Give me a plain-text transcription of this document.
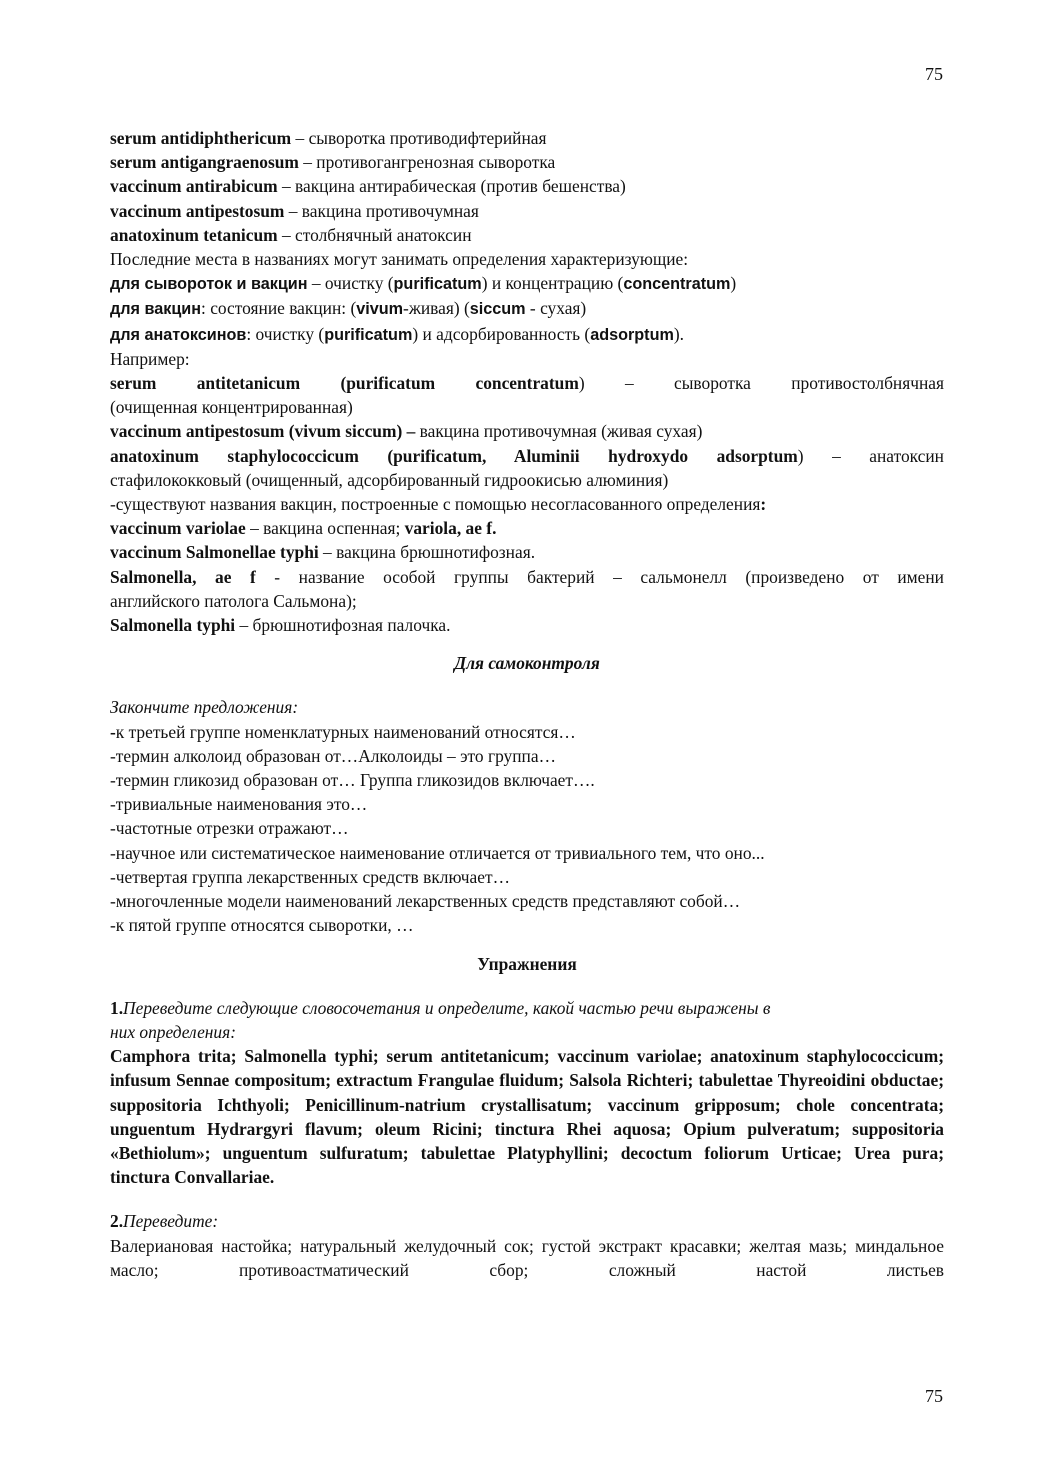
75
serum antidiphthericum – сыворотка противодифтерийная
serum antigangraenosum – противогангренозная сыворотка
vaccinum antirabicum – вакцина антирабическая (против бешенства)
vaccinum antipestosum – вакцина противочумная
anatoxinum tetanicum – столбнячный анатоксин
Последние места в названиях могут занимать определения характеризующие:
для сывороток и вакцин – очистку (purificatum) и концентрацию (concentratum)
для вакцин: состояние вакцин: (vivum-живая) (siccum - сухая)
для анатоксинов: очистку (purificatum) и адсорбированность (adsorptum).
Например:
serum antitetanicum (purificatum concentratum) – сыворотка противостолбнячная
(очищенная концентрированная)
vaccinum antipestosum (vivum siccum) – вакцина противочумная (живая сухая)
anatoxinum staphylococcicum (purificatum, Aluminii hydroxydo adsorptum) – анатоксин
стафилококковый (очищенный, адсорбированный гидроокисью алюминия)
-существуют названия вакцин, построенные с помощью несогласованного определения:
vaccinum variolae – вакцина оспенная; variola, ae f.
vaccinum Salmonellae typhi – вакцина брюшнотифозная.
Salmonella, ae f - название особой группы бактерий – сальмонелл (произведено от имени
английского патолога Сальмона);
Salmonella typhi – брюшнотифозная палочка.
Для самоконтроля
Закончите предложения:
-к третьей группе номенклатурных наименований относятся…
-термин алколоид образован от…Алколоиды – это группа…
-термин гликозид образован от… Группа гликозидов включает….
-тривиальные наименования это…
-частотные отрезки отражают…
-научное или систематическое наименование отличается от тривиального тем, что оно...
-четвертая группа лекарственных средств включает…
-многочленные модели наименований лекарственных средств представляют собой…
-к пятой группе относятся сыворотки, …
Упражнения
1.Переведите следующие словосочетания и определите, какой частью речи выражены в
них определения:
Camphora trita; Salmonella typhi; serum antitetanicum; vaccinum variolae; anatoxinum staphylococcicum; infusum Sennae compositum; extractum Frangulae fluidum; Salsola Richteri; tabulettae Thyreoidini obductae; suppositoria Ichthyoli; Penicillinum-natrium crystallisatum; vaccinum gripposum; chole concentrata; unguentum Hydrargyri flavum; oleum Ricini; tinctura Rhei aquosa; Opium pulveratum; suppositoria «Bethiolum»; unguentum sulfuratum; tabulettae Platyphyllini; decoctum foliorum Urticae; Urea pura;
tinctura Convallariae.
2.Переведите:
Валериановая настойка; натуральный желудочный сок; густой экстракт красавки; желтая мазь; миндальное масло; противоастматический сбор; сложный настой листьев
75
